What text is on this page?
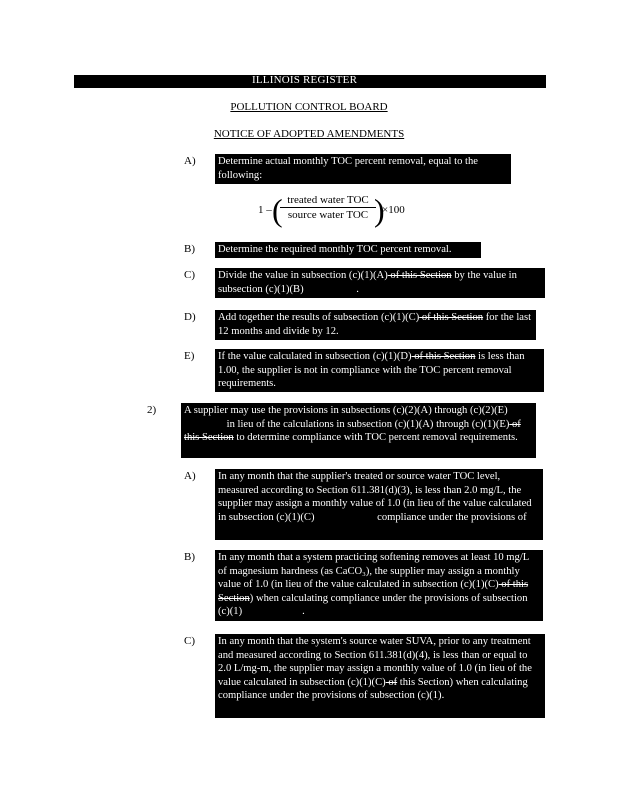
ILLINOIS REGISTER
POLLUTION CONTROL BOARD
NOTICE OF ADOPTED AMENDMENTS
A) Determine actual monthly TOC percent removal, equal to the following:
1 – ( treated water TOC
source water TOC )
×100
B) Determine the required monthly TOC percent removal.
C) Divide the value in subsection (c)(1)(A) of this Section by the value in subsection (c)(1)(B)	.
D) Add together the results of subsection (c)(1)(C) of this Section for the last 12 months and divide by 12.
E) If the value calculated in subsection (c)(1)(D) of this Section is less than 1.00, the supplier is not in compliance with the TOC percent removal requirements.
2)	A supplier may use the provisions in subsections (c)(2)(A) through (c)(2)(E) in lieu of the calculations in subsection (c)(1)(A) through (c)(1)(E) of this Section to determine compliance with TOC percent removal requirements.
A) In any month that the supplier's treated or source water TOC level, measured according to Section 611.381(d)(3), is less than 2.0 mg/L, the supplier may assign a monthly value of 1.0 (in lieu of the value calculated in subsection (c)(1)(C)	compliance under the provisions of
B) In any month that a system practicing softening removes at least 10 mg/L of magnesium hardness (as CaCO₃), the supplier may assign a monthly value of 1.0 (in lieu of the value calculated in subsection (c)(1)(C) of this Section) when calculating compliance under the provisions of subsection (c)(1)	.
C) In any month that the system's source water SUVA, prior to any treatment and measured according to Section 611.381(d)(4), is less than or equal to 2.0 L/mg-m, the supplier may assign a monthly value of 1.0 (in lieu of the value calculated in subsection (c)(1)(C) of this Section) when calculating compliance under the provisions of subsection (c)(1).
